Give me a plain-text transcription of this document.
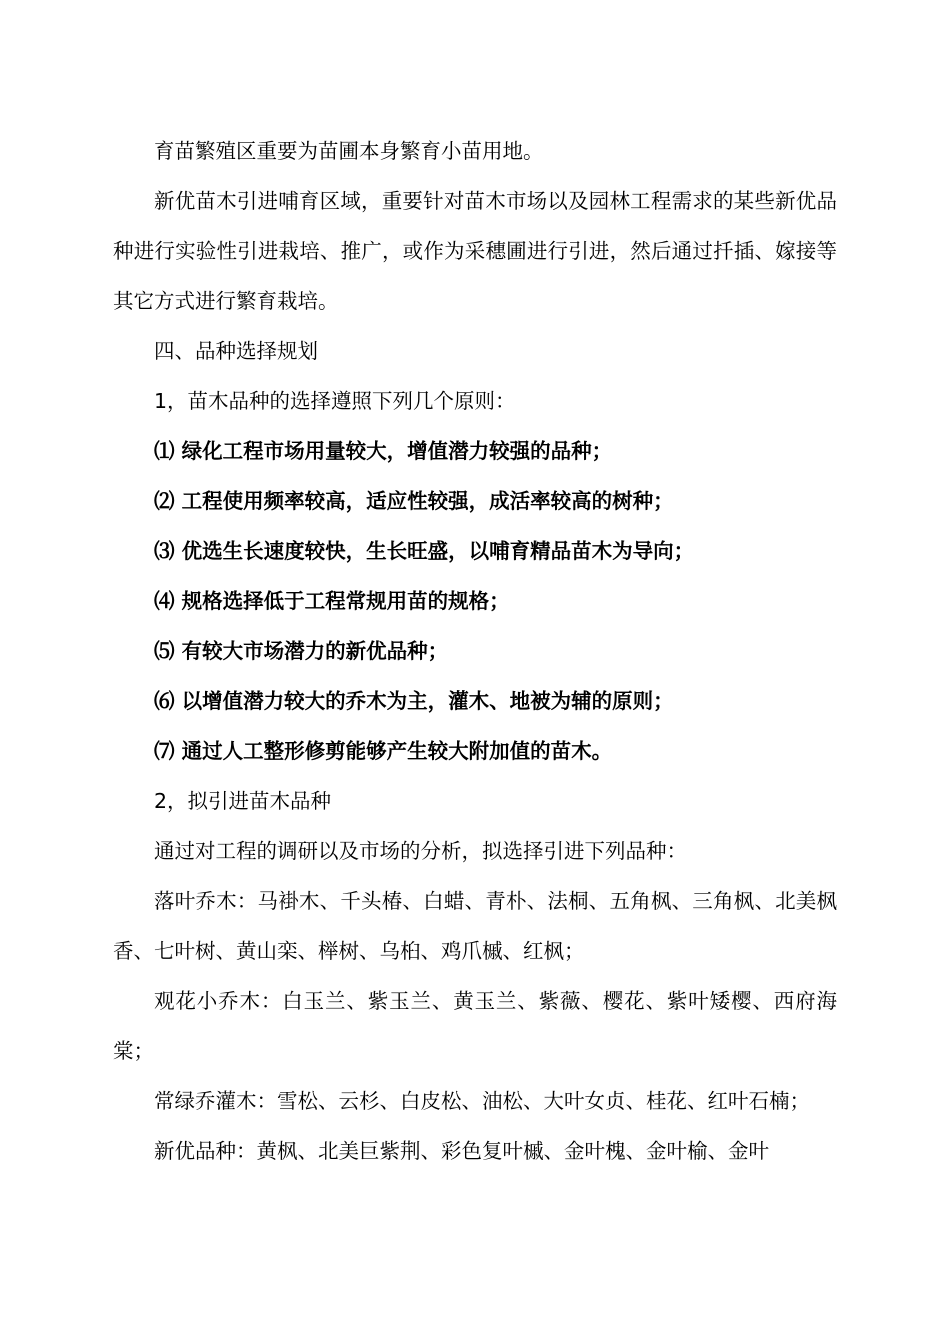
育苗繁殖区重要为苗圃本身繁育小苗用地。

新优苗木引进哺育区域，重要针对苗木市场以及园林工程需求的某些新优品种进行实验性引进栽培、推广，或作为采穗圃进行引进，然后通过扦插、嫁接等其它方式进行繁育栽培。

四、品种选择规划

1，苗木品种的选择遵照下列几个原则：

⑴ 绿化工程市场用量较大，增值潜力较强的品种；

⑵ 工程使用频率较高，适应性较强，成活率较高的树种；

⑶ 优选生长速度较快，生长旺盛，以哺育精品苗木为导向；

⑷ 规格选择低于工程常规用苗的规格；

⑸ 有较大市场潜力的新优品种；

⑹ 以增值潜力较大的乔木为主，灌木、地被为辅的原则；

⑺ 通过人工整形修剪能够产生较大附加值的苗木。

2，拟引进苗木品种

通过对工程的调研以及市场的分析，拟选择引进下列品种：

落叶乔木：马褂木、千头椿、白蜡、青朴、法桐、五角枫、三角枫、北美枫香、七叶树、黄山栾、榉树、乌桕、鸡爪槭、红枫；

观花小乔木：白玉兰、紫玉兰、黄玉兰、紫薇、樱花、紫叶矮樱、西府海棠；

常绿乔灌木：雪松、云杉、白皮松、油松、大叶女贞、桂花、红叶石楠；

新优品种：黄枫、北美巨紫荆、彩色复叶槭、金叶槐、金叶榆、金叶
